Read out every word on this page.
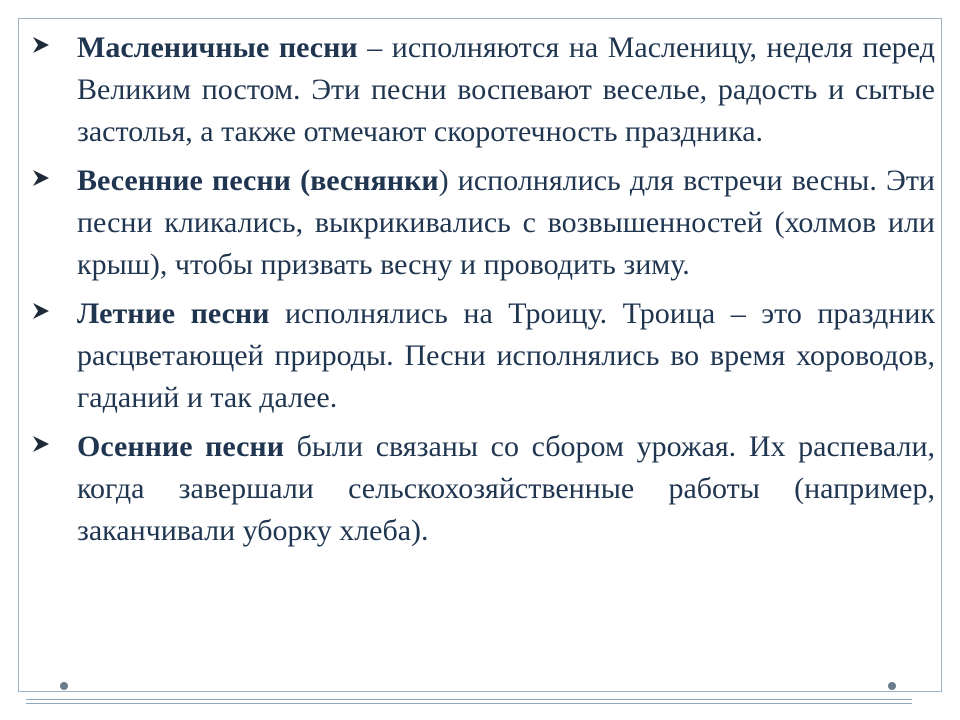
Масленичные песни – исполняются на Масленицу, неделя перед Великим постом. Эти песни воспевают веселье, радость и сытые застолья, а также отмечают скоротечность праздника.

Весенние песни (веснянки) исполнялись для встречи весны. Эти песни кликались, выкрикивались с возвышенностей (холмов или крыш), чтобы призвать весну и проводить зиму.

Летние песни исполнялись на Троицу. Троица – это праздник расцветающей природы. Песни исполнялись во время хороводов, гаданий и так далее.

Осенние песни были связаны со сбором урожая. Их распевали, когда завершали сельскохозяйственные работы (например, заканчивали уборку хлеба).
